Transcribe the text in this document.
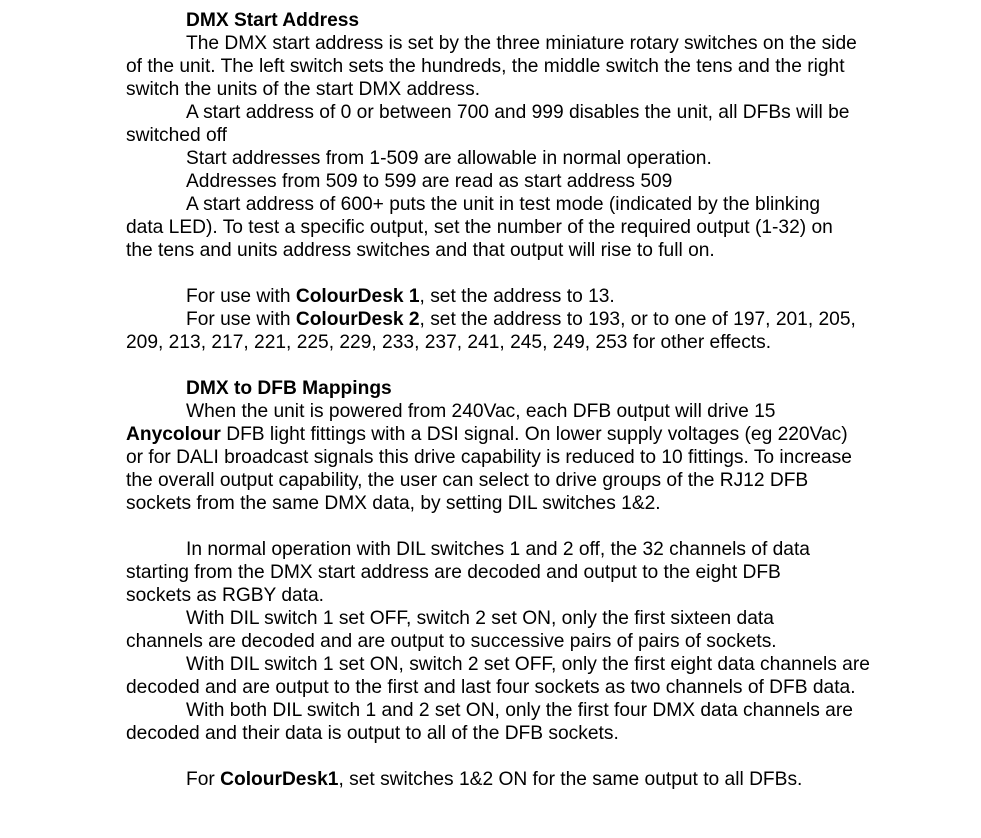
DMX Start Address

The DMX start address is set by the three miniature rotary switches on the side of the unit. The left switch sets the hundreds, the middle switch the tens and the right switch the units of the start DMX address.

A start address of 0 or between 700 and 999 disables the unit, all DFBs will be switched off

Start addresses from 1-509 are allowable in normal operation.

Addresses from 509 to 599 are read as start address 509

A start address of 600+ puts the unit in test mode (indicated by the blinking data LED). To test a specific output, set the number of the required output (1-32) on the tens and units address switches and that output will rise to full on.

For use with ColourDesk 1, set the address to 13.

For use with ColourDesk 2, set the address to 193, or to one of 197, 201, 205, 209, 213, 217, 221, 225, 229, 233, 237, 241, 245, 249, 253 for other effects.

DMX to DFB Mappings

When the unit is powered from 240Vac, each DFB output will drive 15 Anycolour DFB light fittings with a DSI signal. On lower supply voltages (eg 220Vac) or for DALI broadcast signals this drive capability is reduced to 10 fittings. To increase the overall output capability, the user can select to drive groups of the RJ12 DFB sockets from the same DMX data, by setting DIL switches 1&2.

In normal operation with DIL switches 1 and 2 off, the 32 channels of data starting from the DMX start address are decoded and output to the eight DFB sockets as RGBY data.

With DIL switch 1 set OFF, switch 2 set ON, only the first sixteen data channels are decoded and are output to successive pairs of pairs of sockets.

With DIL switch 1 set ON, switch 2 set OFF, only the first eight data channels are decoded and are output to the first and last four sockets as two channels of DFB data.

With both DIL switch 1 and 2 set ON, only the first four DMX data channels are decoded and their data is output to all of the DFB sockets.

For ColourDesk1, set switches 1&2 ON for the same output to all DFBs.
